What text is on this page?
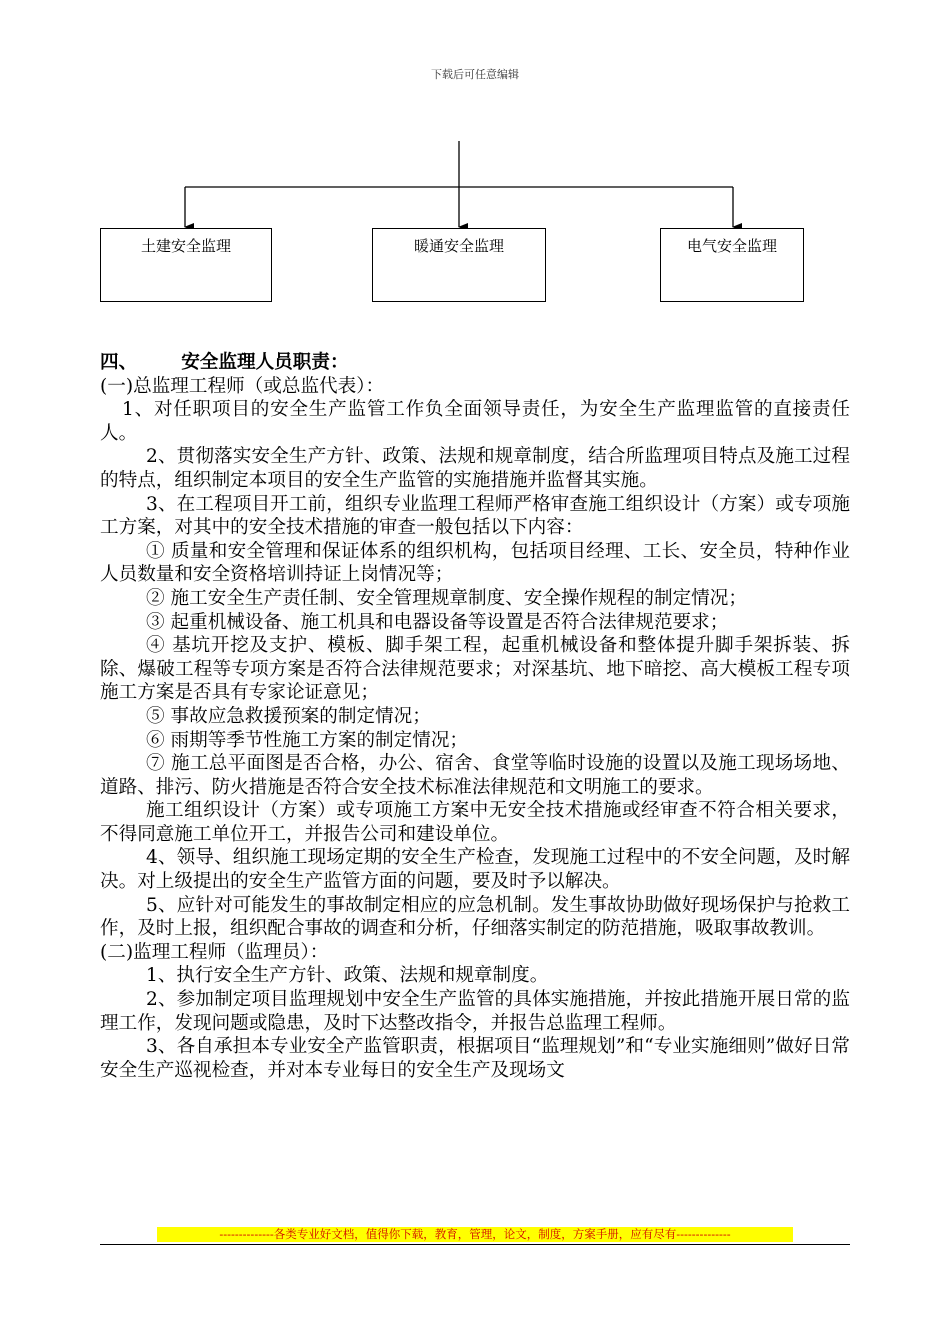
下载后可任意编辑
土建安全监理	暖通安全监理	电气安全监理

四、 安全监理人员职责：

(一)总监理工程师（或总监代表）：

1、对任职项目的安全生产监管工作负全面领导责任，为安全生产监理监管的直接责任人。

2、贯彻落实安全生产方针、政策、法规和规章制度，结合所监理项目特点及施工过程的特点，组织制定本项目的安全生产监管的实施措施并监督其实施。

3、在工程项目开工前，组织专业监理工程师严格审查施工组织设计（方案）或专项施工方案，对其中的安全技术措施的审查一般包括以下内容：

① 质量和安全管理和保证体系的组织机构，包括项目经理、工长、安全员，特种作业人员数量和安全资格培训持证上岗情况等；

② 施工安全生产责任制、安全管理规章制度、安全操作规程的制定情况；

③ 起重机械设备、施工机具和电器设备等设置是否符合法律规范要求；

④ 基坑开挖及支护、模板、脚手架工程，起重机械设备和整体提升脚手架拆装、拆除、爆破工程等专项方案是否符合法律规范要求；对深基坑、地下暗挖、高大模板工程专项施工方案是否具有专家论证意见；

⑤ 事故应急救援预案的制定情况；

⑥ 雨期等季节性施工方案的制定情况；

⑦ 施工总平面图是否合格，办公、宿舍、食堂等临时设施的设置以及施工现场场地、道路、排污、防火措施是否符合安全技术标准法律规范和文明施工的要求。

施工组织设计（方案）或专项施工方案中无安全技术措施或经审查不符合相关要求，不得同意施工单位开工，并报告公司和建设单位。

4、领导、组织施工现场定期的安全生产检查，发现施工过程中的不安全问题，及时解决。对上级提出的安全生产监管方面的问题，要及时予以解决。

5、应针对可能发生的事故制定相应的应急机制。发生事故协助做好现场保护与抢救工作，及时上报，组织配合事故的调查和分析，仔细落实制定的防范措施，吸取事故教训。

(二)监理工程师（监理员）：

1、执行安全生产方针、政策、法规和规章制度。

2、参加制定项目监理规划中安全生产监管的具体实施措施，并按此措施开展日常的监理工作，发现问题或隐患，及时下达整改指令，并报告总监理工程师。

3、各自承担本专业安全产监管职责，根据项目“监理规划”和“专业实施细则”做好日常安全生产巡视检查，并对本专业每日的安全生产及现场文

--------------各类专业好文档，值得你下载，教育，管理，论文，制度，方案手册，应有尽有--------------
